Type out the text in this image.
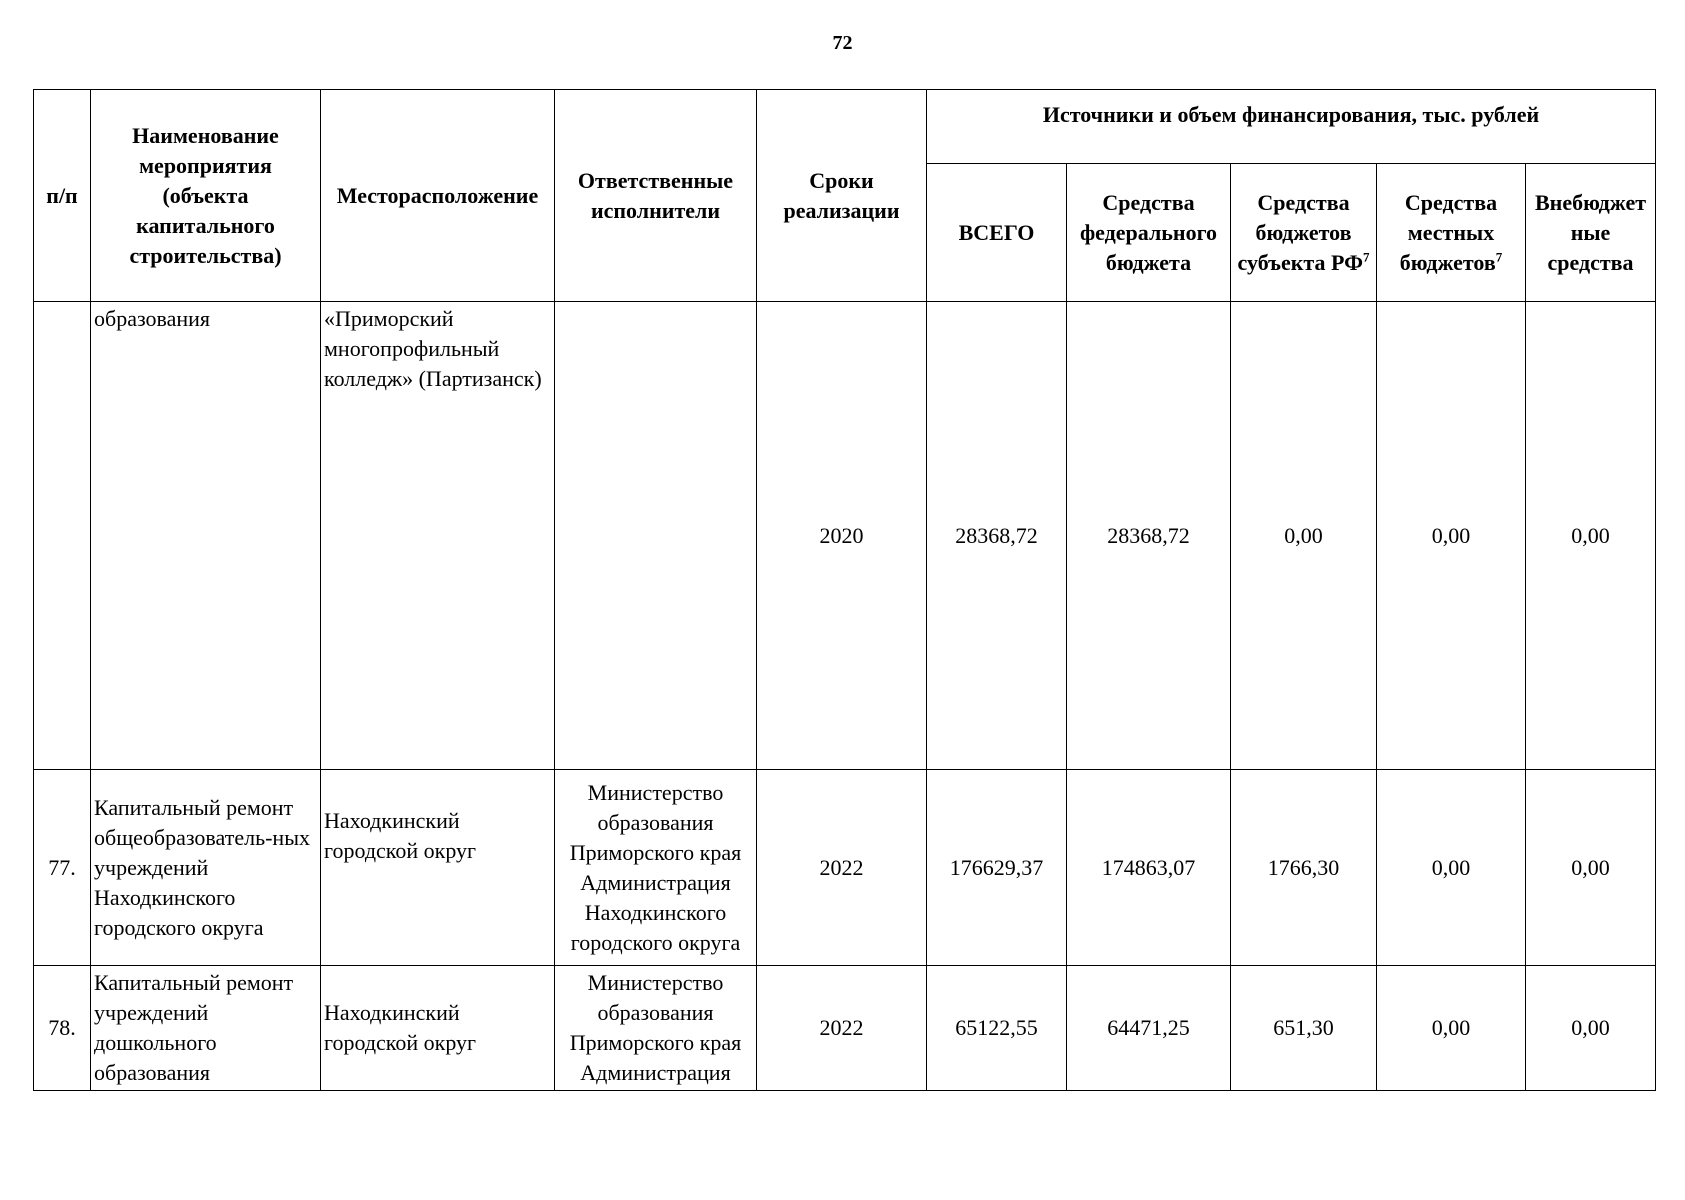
72
п/п	Наименование мероприятия (объекта капитального строительства)	Месторасположение	Ответственные исполнители	Сроки реализации	Источники и объем финансирования, тыс. рублей				
					ВСЕГО	Средства федерального бюджета	Средства бюджетов субъекта $РФ^7$	Средства местных бюджетов$^7$	Внебюджет ные средства
	образования	«Приморский многопрофильный колледж» (Партизанск)		2020	28368,72	28368,72	0,00	0,00	0,00
77.	Капитальный ремонт общеобразователь-ных учреждений Находкинского городского округа	Находкинский городской округ	Министерство образования Приморского края Администрация Находкинского городского округа	2022	176629,37	174863,07	1766,30	0,00	0,00
78.	Капитальный ремонт учреждений дошкольного образования	Находкинский городской округ	Министерство образования Приморского края Администрация	2022	65122,55	64471,25	651,30	0,00	0,00
